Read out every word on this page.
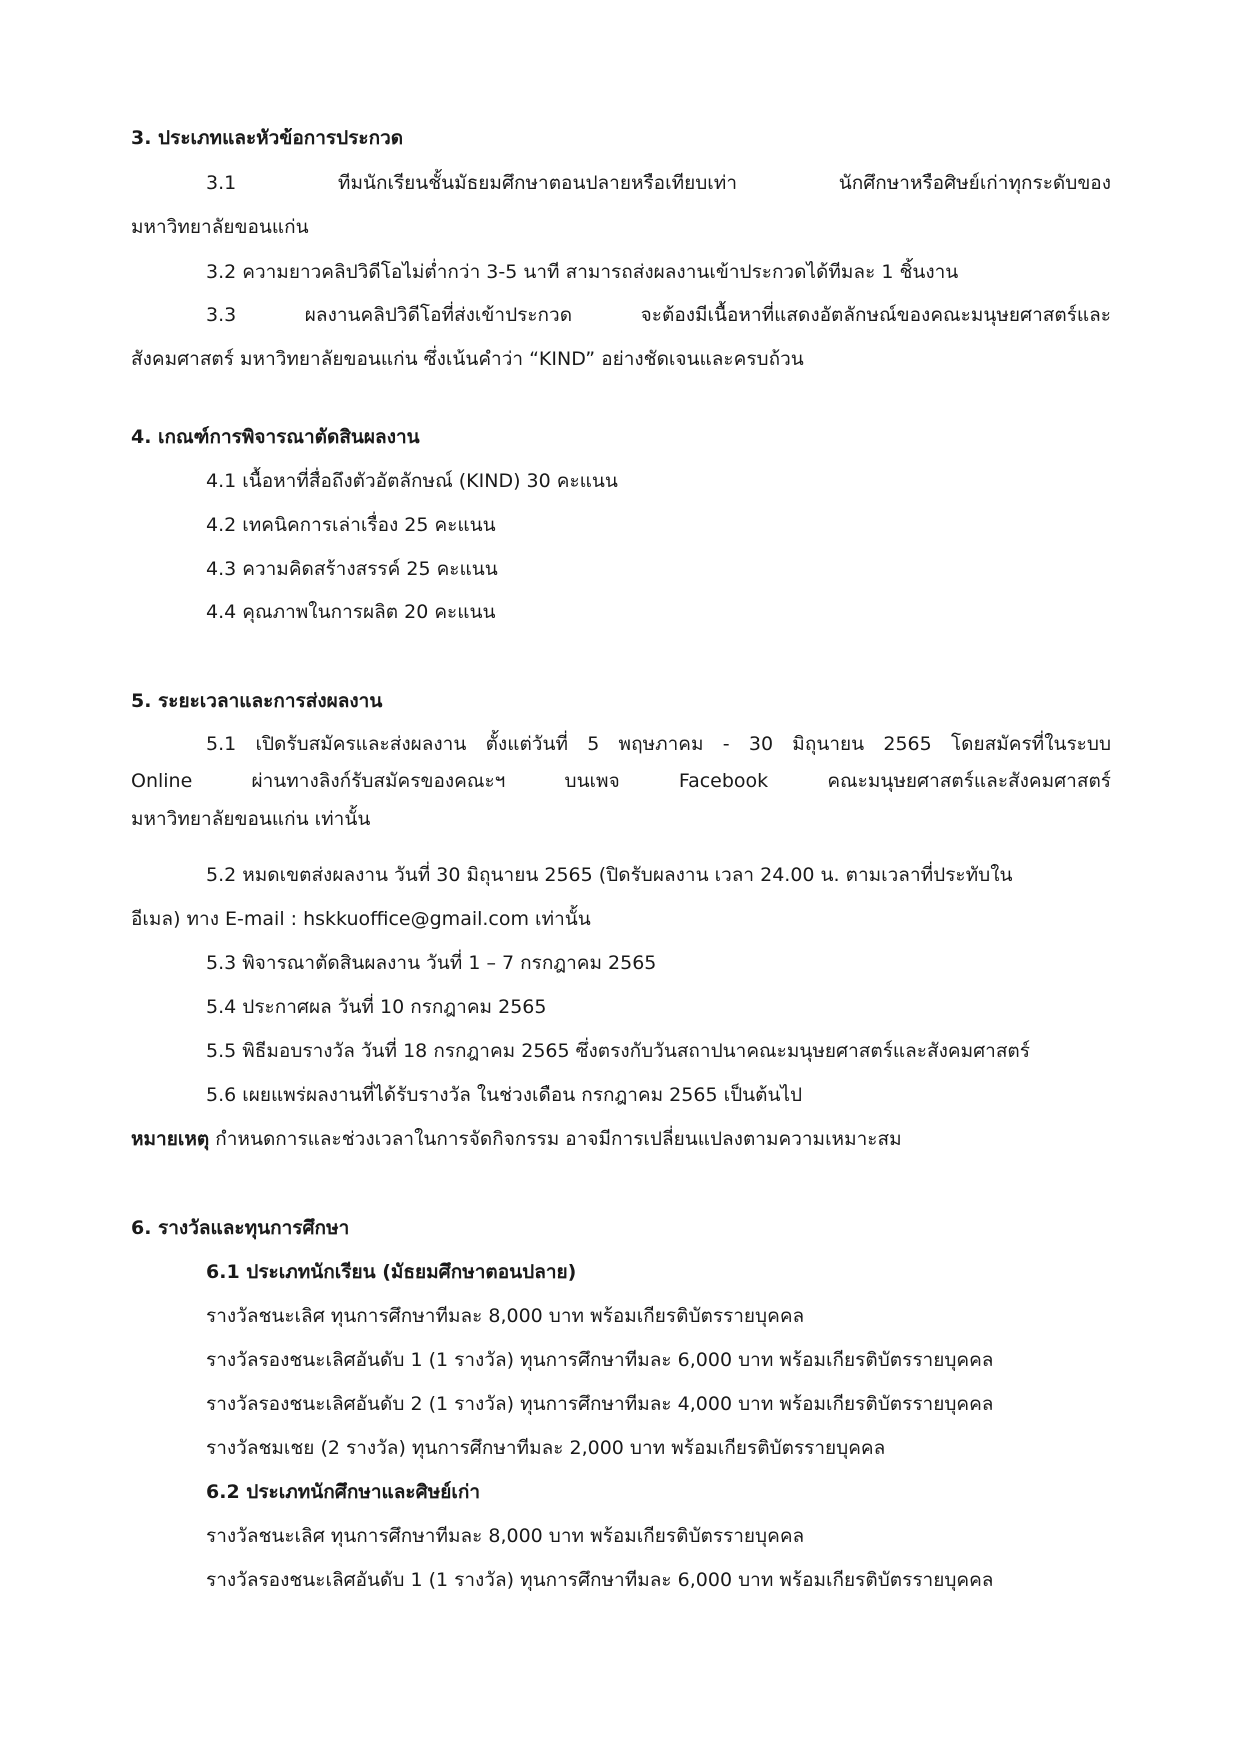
3. ประเภทและหัวข้อการประกวด

3.1 ทีมนักเรียนชั้นมัธยมศึกษาตอนปลายหรือเทียบเท่า นักศึกษาหรือศิษย์เก่าทุกระดับของ

มหาวิทยาลัยขอนแก่น

3.2 ความยาวคลิปวิดีโอไม่ต่ำกว่า 3-5 นาที สามารถส่งผลงานเข้าประกวดได้ทีมละ 1 ชิ้นงาน

3.3 ผลงานคลิปวิดีโอที่ส่งเข้าประกวด จะต้องมีเนื้อหาที่แสดงอัตลักษณ์ของคณะมนุษยศาสตร์และ

สังคมศาสตร์ มหาวิทยาลัยขอนแก่น ซึ่งเน้นคำว่า “KIND” อย่างชัดเจนและครบถ้วน

4. เกณฑ์การพิจารณาตัดสินผลงาน

4.1 เนื้อหาที่สื่อถึงตัวอัตลักษณ์ (KIND) 30 คะแนน

4.2 เทคนิคการเล่าเรื่อง 25 คะแนน

4.3 ความคิดสร้างสรรค์ 25 คะแนน

4.4 คุณภาพในการผลิต 20 คะแนน

5. ระยะเวลาและการส่งผลงาน

5.1 เปิดรับสมัครและส่งผลงาน ตั้งแต่วันที่ 5 พฤษภาคม - 30 มิถุนายน 2565 โดยสมัครที่ในระบบ

Online ผ่านทางลิงก์รับสมัครของคณะฯ บนเพจ Facebook คณะมนุษยศาสตร์และสังคมศาสตร์

มหาวิทยาลัยขอนแก่น เท่านั้น

5.2 หมดเขตส่งผลงาน วันที่ 30 มิถุนายน 2565 (ปิดรับผลงาน เวลา 24.00 น. ตามเวลาที่ประทับใน

อีเมล) ทาง E-mail : hskkuoffice@gmail.com เท่านั้น

5.3 พิจารณาตัดสินผลงาน วันที่ 1 – 7 กรกฎาคม 2565

5.4 ประกาศผล วันที่ 10 กรกฎาคม 2565

5.5 พิธีมอบรางวัล วันที่ 18 กรกฎาคม 2565 ซึ่งตรงกับวันสถาปนาคณะมนุษยศาสตร์และสังคมศาสตร์

5.6 เผยแพร่ผลงานที่ได้รับรางวัล ในช่วงเดือน กรกฎาคม 2565 เป็นต้นไป

หมายเหตุ กำหนดการและช่วงเวลาในการจัดกิจกรรม อาจมีการเปลี่ยนแปลงตามความเหมาะสม

6. รางวัลและทุนการศึกษา

6.1 ประเภทนักเรียน (มัธยมศึกษาตอนปลาย)

รางวัลชนะเลิศ ทุนการศึกษาทีมละ 8,000 บาท พร้อมเกียรติบัตรรายบุคคล

รางวัลรองชนะเลิศอันดับ 1 (1 รางวัล) ทุนการศึกษาทีมละ 6,000 บาท พร้อมเกียรติบัตรรายบุคคล

รางวัลรองชนะเลิศอันดับ 2 (1 รางวัล) ทุนการศึกษาทีมละ 4,000 บาท พร้อมเกียรติบัตรรายบุคคล

รางวัลชมเชย (2 รางวัล) ทุนการศึกษาทีมละ 2,000 บาท พร้อมเกียรติบัตรรายบุคคล

6.2 ประเภทนักศึกษาและศิษย์เก่า

รางวัลชนะเลิศ ทุนการศึกษาทีมละ 8,000 บาท พร้อมเกียรติบัตรรายบุคคล

รางวัลรองชนะเลิศอันดับ 1 (1 รางวัล) ทุนการศึกษาทีมละ 6,000 บาท พร้อมเกียรติบัตรรายบุคคล
